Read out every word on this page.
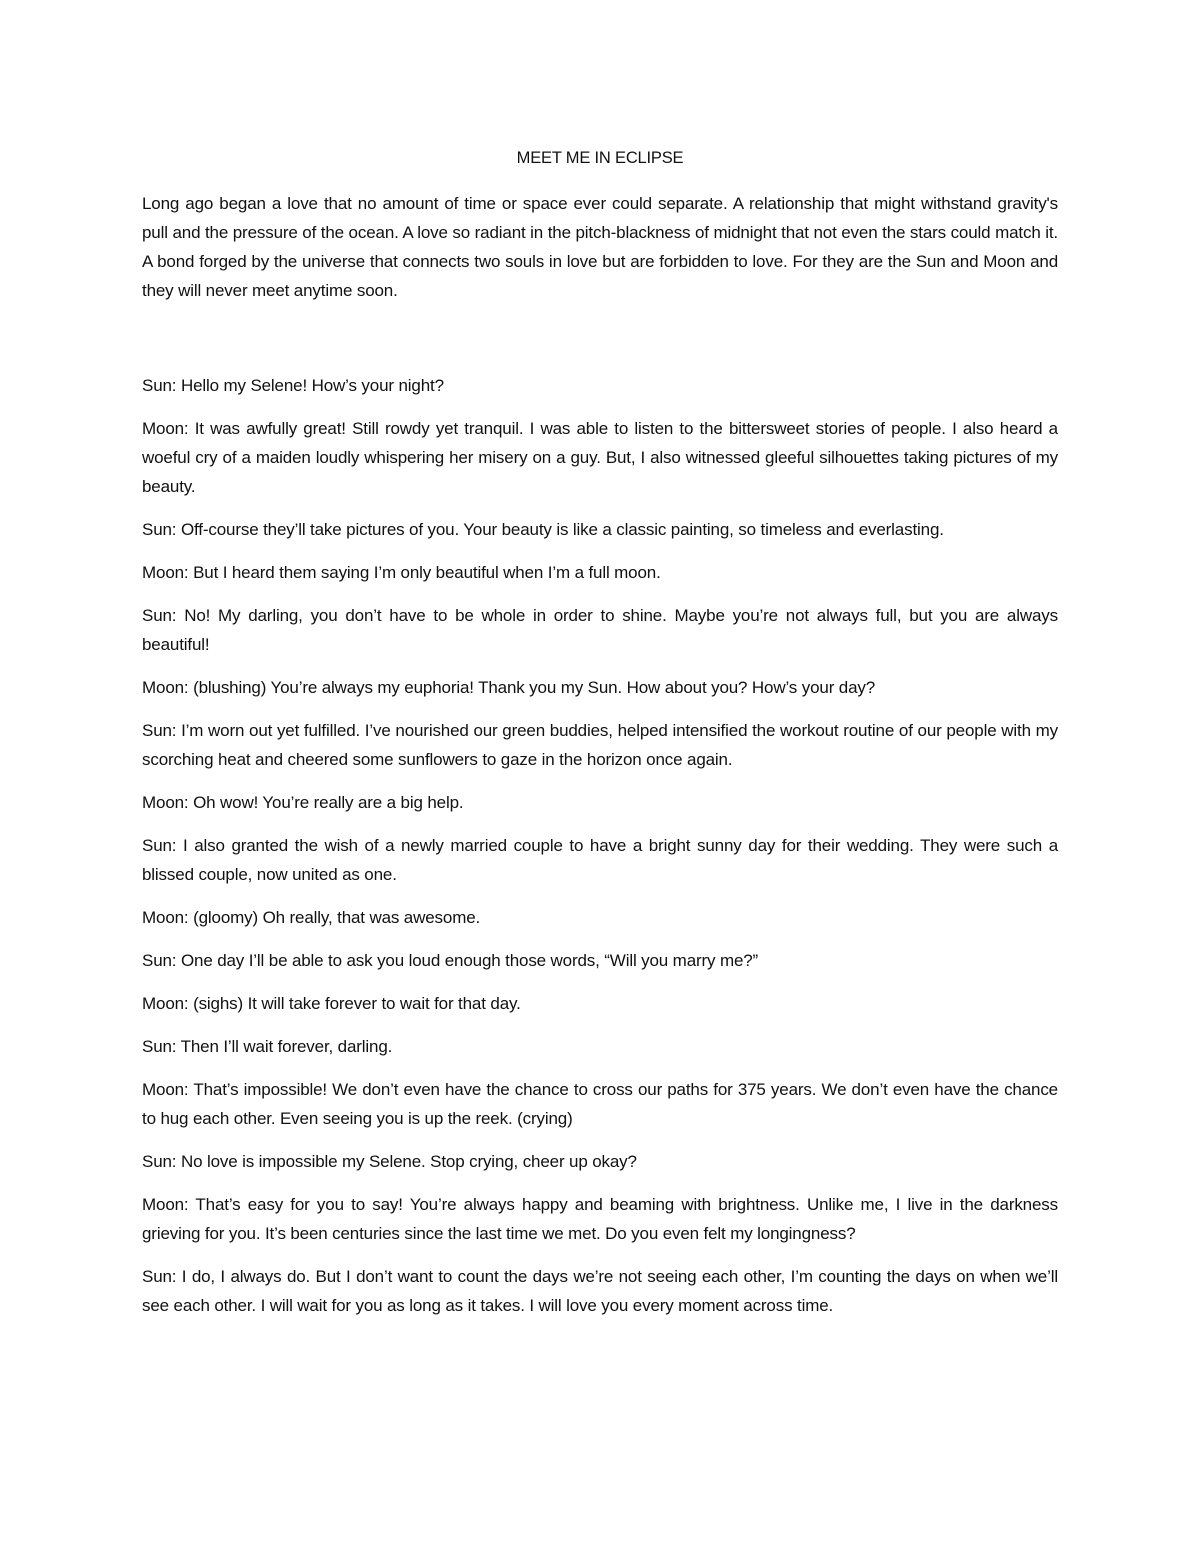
MEET ME IN ECLIPSE

Long ago began a love that no amount of time or space ever could separate. A relationship that might withstand gravity's pull and the pressure of the ocean. A love so radiant in the pitch-blackness of midnight that not even the stars could match it. A bond forged by the universe that connects two souls in love but are forbidden to love. For they are the Sun and Moon and they will never meet anytime soon.

Sun: Hello my Selene! How’s your night?

Moon: It was awfully great! Still rowdy yet tranquil. I was able to listen to the bittersweet stories of people. I also heard a woeful cry of a maiden loudly whispering her misery on a guy. But, I also witnessed gleeful silhouettes taking pictures of my beauty.

Sun: Off-course they’ll take pictures of you. Your beauty is like a classic painting, so timeless and everlasting.

Moon: But I heard them saying I’m only beautiful when I’m a full moon.

Sun: No! My darling, you don’t have to be whole in order to shine. Maybe you’re not always full, but you are always beautiful!

Moon: (blushing) You’re always my euphoria! Thank you my Sun. How about you? How’s your day?

Sun: I’m worn out yet fulfilled. I’ve nourished our green buddies, helped intensified the workout routine of our people with my scorching heat and cheered some sunflowers to gaze in the horizon once again.

Moon: Oh wow! You’re really are a big help.

Sun: I also granted the wish of a newly married couple to have a bright sunny day for their wedding. They were such a blissed couple, now united as one.

Moon: (gloomy) Oh really, that was awesome.

Sun: One day I’ll be able to ask you loud enough those words, “Will you marry me?”

Moon: (sighs) It will take forever to wait for that day.

Sun: Then I’ll wait forever, darling.

Moon: That’s impossible! We don’t even have the chance to cross our paths for 375 years. We don’t even have the chance to hug each other. Even seeing you is up the reek. (crying)

Sun: No love is impossible my Selene. Stop crying, cheer up okay?

Moon: That’s easy for you to say! You’re always happy and beaming with brightness. Unlike me, I live in the darkness grieving for you. It’s been centuries since the last time we met. Do you even felt my longingness?

Sun: I do, I always do. But I don’t want to count the days we’re not seeing each other, I’m counting the days on when we’ll see each other. I will wait for you as long as it takes. I will love you every moment across time.
